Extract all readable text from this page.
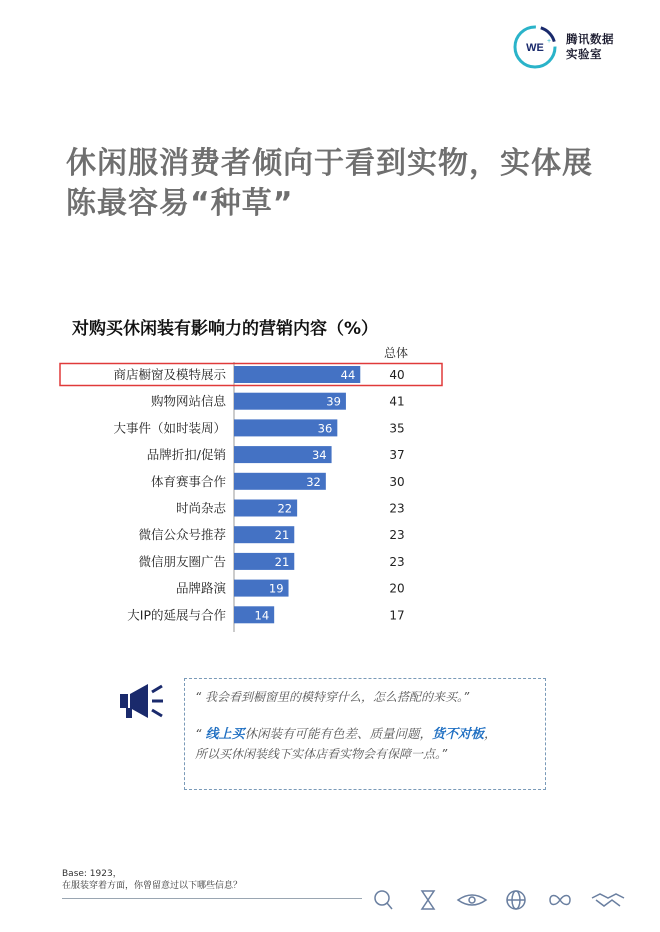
WE
+ 腾讯数据
实验室
休闲服消费者倾向于看到实物，实体展
陈最容易“种草”
对购买休闲装有影响力的营销内容（%）
总体
商店橱窗及模特展示	44	40
购物网站信息	39	41
大事件（如时装周）	36	35
品牌折扣/促销	34	37
体育赛事合作	32	30
时尚杂志	22	23
微信公众号推荐	21	23
微信朋友圈广告	21	23
品牌路演	19	20
大IP的延展与合作 14	17
“ 我会看到橱窗里的模特穿什么，怎么搭配的来买。”
“ 线上买休闲装有可能有色差、质量问题，货不对板，
所以买休闲装线下实体店看实物会有保障一点。”
Base: 1923，
在服装穿着方面，你曾留意过以下哪些信息？
